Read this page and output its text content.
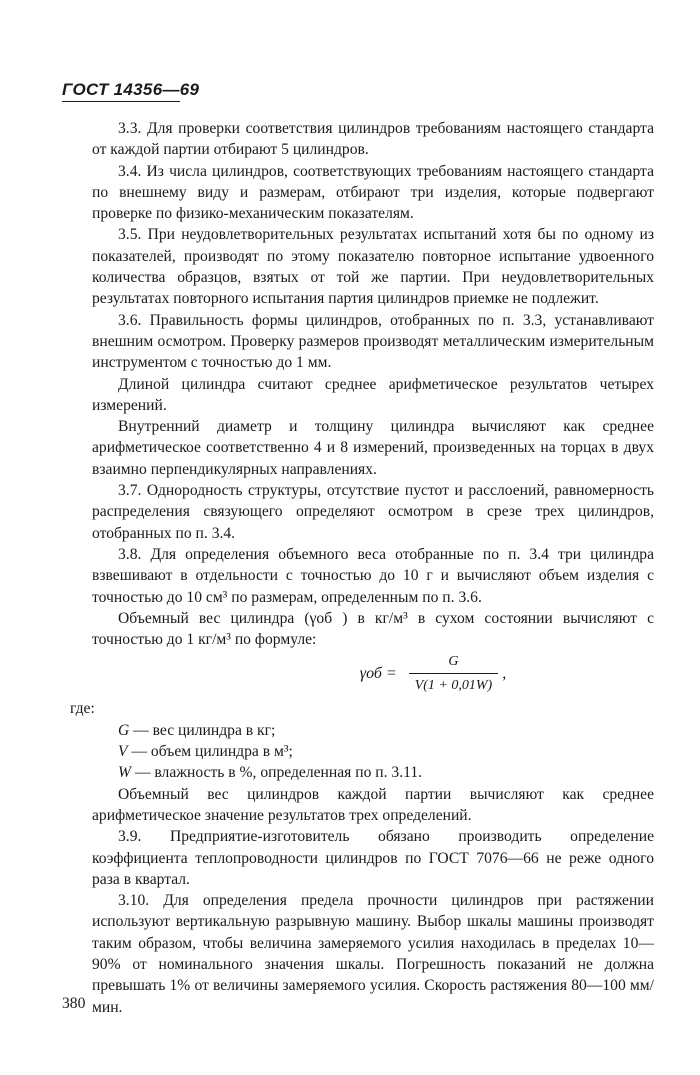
ГОСТ 14356—69

3.3. Для проверки соответствия цилиндров требованиям настоящего стандарта от каждой партии отбирают 5 цилиндров.

3.4. Из числа цилиндров, соответствующих требованиям настоящего стандарта по внешнему виду и размерам, отбирают три изделия, которые подвергают проверке по физико-механическим показателям.

3.5. При неудовлетворительных результатах испытаний хотя бы по одному из показателей, производят по этому показателю повторное испытание удвоенного количества образцов, взятых от той же партии. При неудовлетворительных результатах повторного испытания партия цилиндров приемке не подлежит.

3.6. Правильность формы цилиндров, отобранных по п. 3.3, устанавливают внешним осмотром. Проверку размеров производят металлическим измерительным инструментом с точностью до 1 мм.

Длиной цилиндра считают среднее арифметическое результатов четырех измерений.

Внутренний диаметр и толщину цилиндра вычисляют как среднее арифметическое соответственно 4 и 8 измерений, произведенных на торцах в двух взаимно перпендикулярных направлениях.

3.7. Однородность структуры, отсутствие пустот и расслоений, равномерность распределения связующего определяют осмотром в срезе трех цилиндров, отобранных по п. 3.4.

3.8. Для определения объемного веса отобранные по п. 3.4 три цилиндра взвешивают в отдельности с точностью до 10 г и вычисляют объем изделия с точностью до 10 см³ по размерам, определенным по п. 3.6.

Объемный вес цилиндра (γоб ) в кг/м³ в сухом состоянии вычисляют с точностью до 1 кг/м³ по формуле:

$\gamma об = \frac{G}{V(1 + 0,01W)}$ ,

где:

G — вес цилиндра в кг;

V — объем цилиндра в м³;

W — влажность в %, определенная по п. 3.11.

Объемный вес цилиндров каждой партии вычисляют как среднее арифметическое значение результатов трех определений.

3.9. Предприятие-изготовитель обязано производить определение коэффициента теплопроводности цилиндров по ГОСТ 7076—66 не реже одного раза в квартал.

3.10. Для определения предела прочности цилиндров при растяжении используют вертикальную разрывную машину. Выбор шкалы машины производят таким образом, чтобы величина замеряемого усилия находилась в пределах 10—90% от номинального значения шкалы. Погрешность показаний не должна превышать 1% от величины замеряемого усилия. Скорость растяжения 80—100 мм/мин.

380
